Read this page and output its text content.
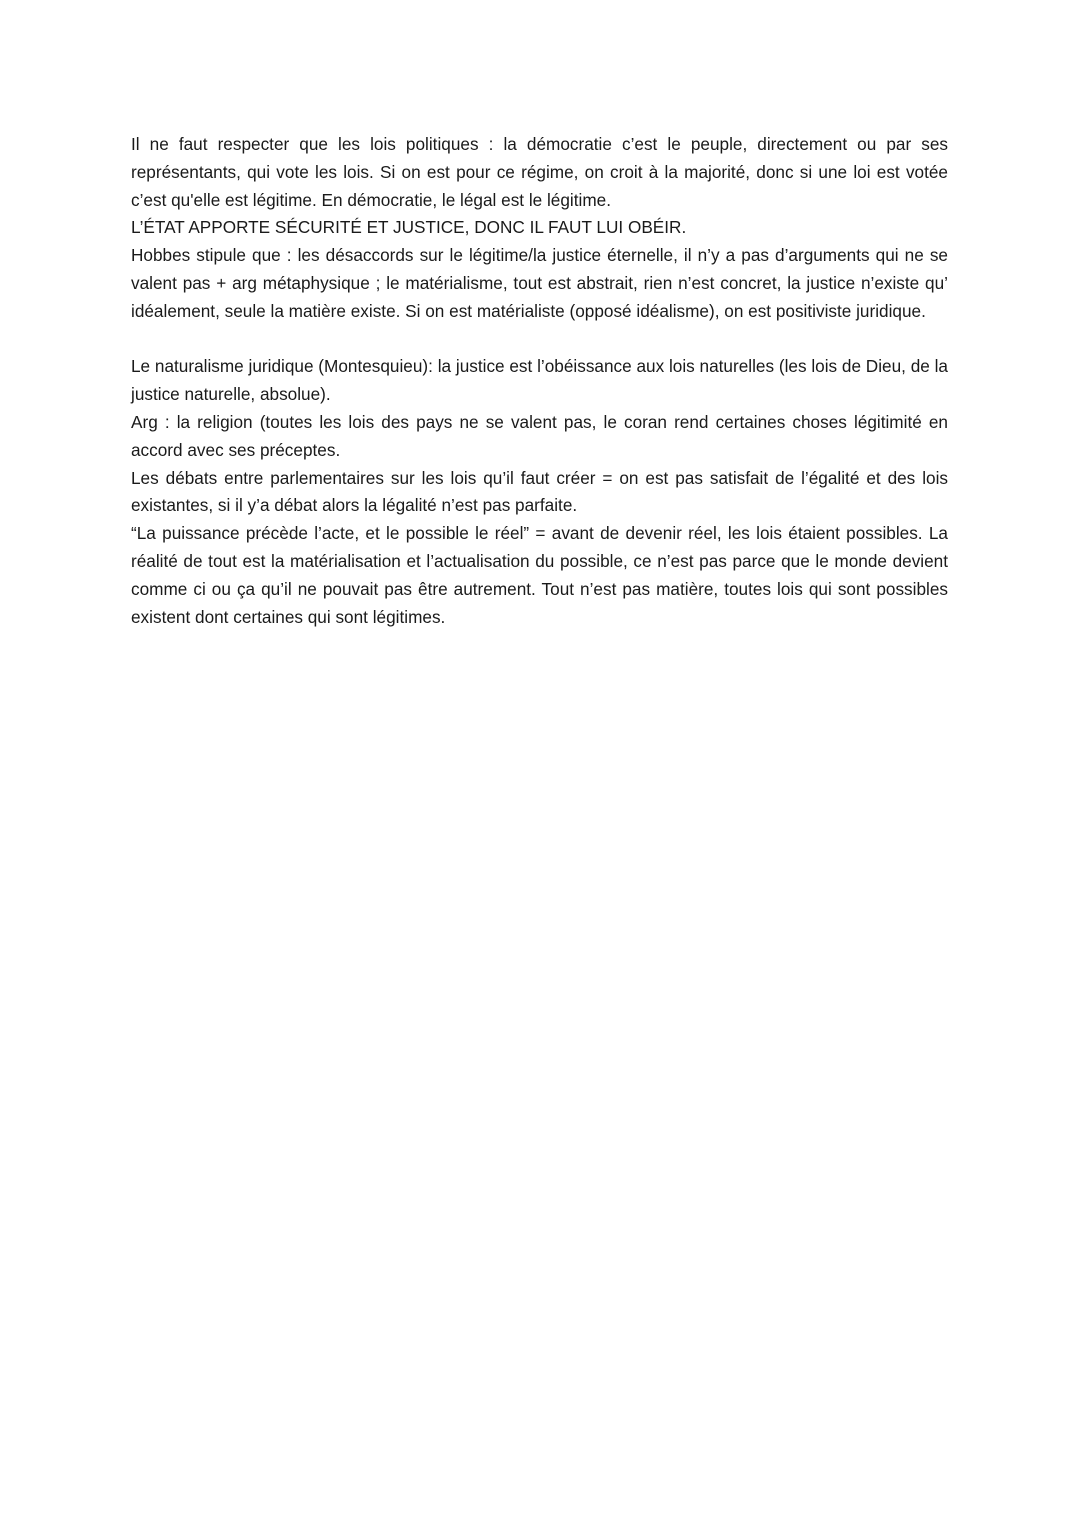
Il ne faut respecter que les lois politiques : la démocratie c’est le peuple, directement ou par ses représentants, qui vote les lois. Si on est pour ce régime, on croit à la majorité, donc si une loi est votée c’est qu'elle est légitime. En démocratie, le légal est le légitime.

L’ÉTAT APPORTE SÉCURITÉ ET JUSTICE, DONC IL FAUT LUI OBÉIR.

Hobbes stipule que : les désaccords sur le légitime/la justice éternelle, il n’y a pas d’arguments qui ne se valent pas + arg métaphysique ; le matérialisme, tout est abstrait, rien n’est concret, la justice n’existe qu’ idéalement, seule la matière existe. Si on est matérialiste (opposé idéalisme), on est positiviste juridique.

Le naturalisme juridique (Montesquieu): la justice est l’obéissance aux lois naturelles (les lois de Dieu, de la justice naturelle, absolue).

Arg : la religion (toutes les lois des pays ne se valent pas, le coran rend certaines choses légitimité en accord avec ses préceptes.

Les débats entre parlementaires sur les lois qu’il faut créer = on est pas satisfait de l’égalité et des lois existantes, si il y’a débat alors la légalité n’est pas parfaite.

“La puissance précède l’acte, et le possible le réel” = avant de devenir réel, les lois étaient possibles. La réalité de tout est la matérialisation et l’actualisation du possible, ce n’est pas parce que le monde devient comme ci ou ça qu’il ne pouvait pas être autrement. Tout n’est pas matière, toutes lois qui sont possibles existent dont certaines qui sont légitimes.
